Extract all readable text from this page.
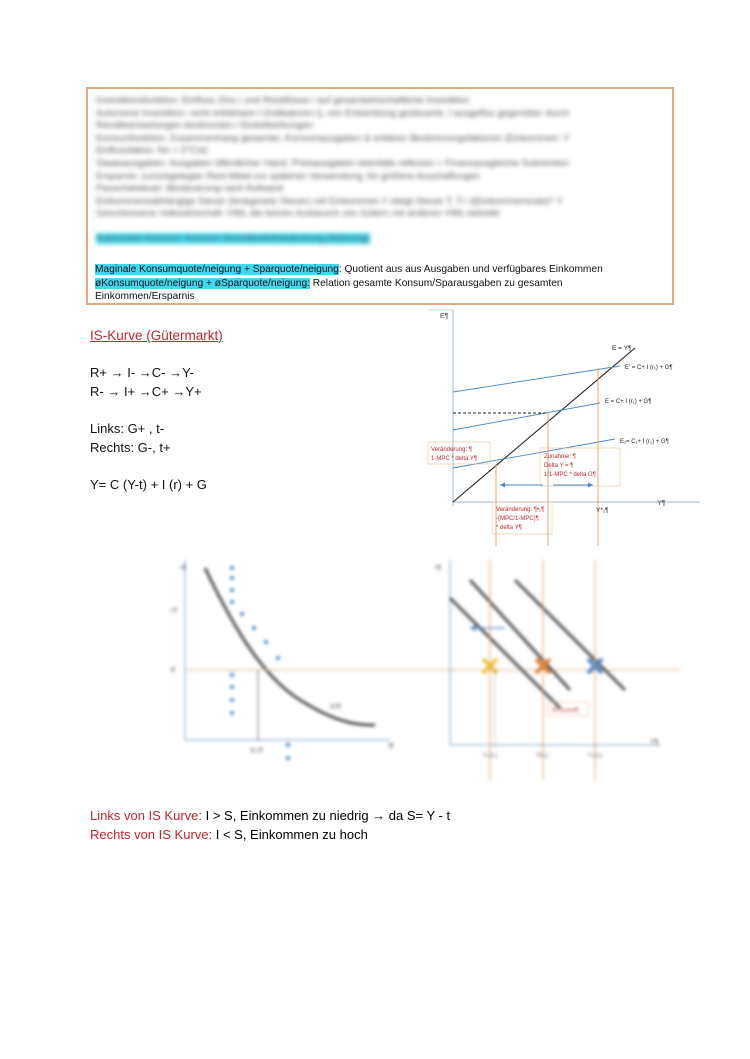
Investitionsfunktion: Einfluss Zins r und Rückflüsse I auf gesamtwirtschaftliche Investition
Autonome Investition: nicht erklärbare I (Indikatoren I), von Entwicklung gesteuerte. I ausgeflos gegenüber durch
Renditeerwartungen bestimmten / Einkeltwirkungen
Konsumfunktion: Zusammenhang gesamter, Konsumausgaben & erklären Bestimmungsfaktoren (Einkommen: Y
Einflussfaktor, Nn = Z*Cst)
Staatsausgaben: Ausgaben öffentlicher Hand, Preisausgaben ebenfalls reflexion = Finanzausgleiche Subvention
Ersparnis: zurückgelegter Rest Mittel zur späteren Verwendung, für größere Anschaffungen
Pauschalsteuer: Besteuerung nach Aufwand
Einkommensabhängige Steuer (lenkgesetz Steuer) mit Einkommen Y steigt Steuer T, T= t(Einkommensrate)* Y
Geschlossene Volkswirtschaft: VWL die keinen Austausch von Gütern mit anderen VWL betreibt
Autonomer Konsum: Konsum Grundbedürfnisdeckung (Nahrung)
Maginale Konsumquote/neigung + Sparquote/neigung: Quotient aus aus Ausgaben und verfügbares Einkommen
øKonsumquote/neigung + øSparquote/neigung: Relation gesamte Konsum/Sparausgaben zu gesamten
Einkommen/Ersparnis
IS-Kurve (Gütermarkt)
R+ → I- →C- →Y-
R- → I+ →C+ →Y+
Links: G+ , t-
Rechts: G-, t+
Y= C (Y-t) + I (r) + G
E¶
Y¶
E = Y¶
E' = C+ I (r₁) + G¶
E = C+ I (r₁) + G¶
E₁= C₁+ I (r₁) + G¶
Veränderung: ¶
1-MPC * delta Y¶	Zunahme: ¶
Delta Y = ¶
1/1-MPC * delta G¶
Y*₁¶
Veränderung: ¶•₁¶
-(MPC/1-MPC)¶
* delta Y¶
r¶
I¶
I(r)¶
r₁¶
r¶
I(r₁)¶
r¶
Y¶
IS-Kurve¶
Y₁(r₁)	Y(r₁)	Y₂(r₁)
Links von IS Kurve: I > S, Einkommen zu niedrig → da S= Y - t
Rechts von IS Kurve: I < S, Einkommen zu hoch
